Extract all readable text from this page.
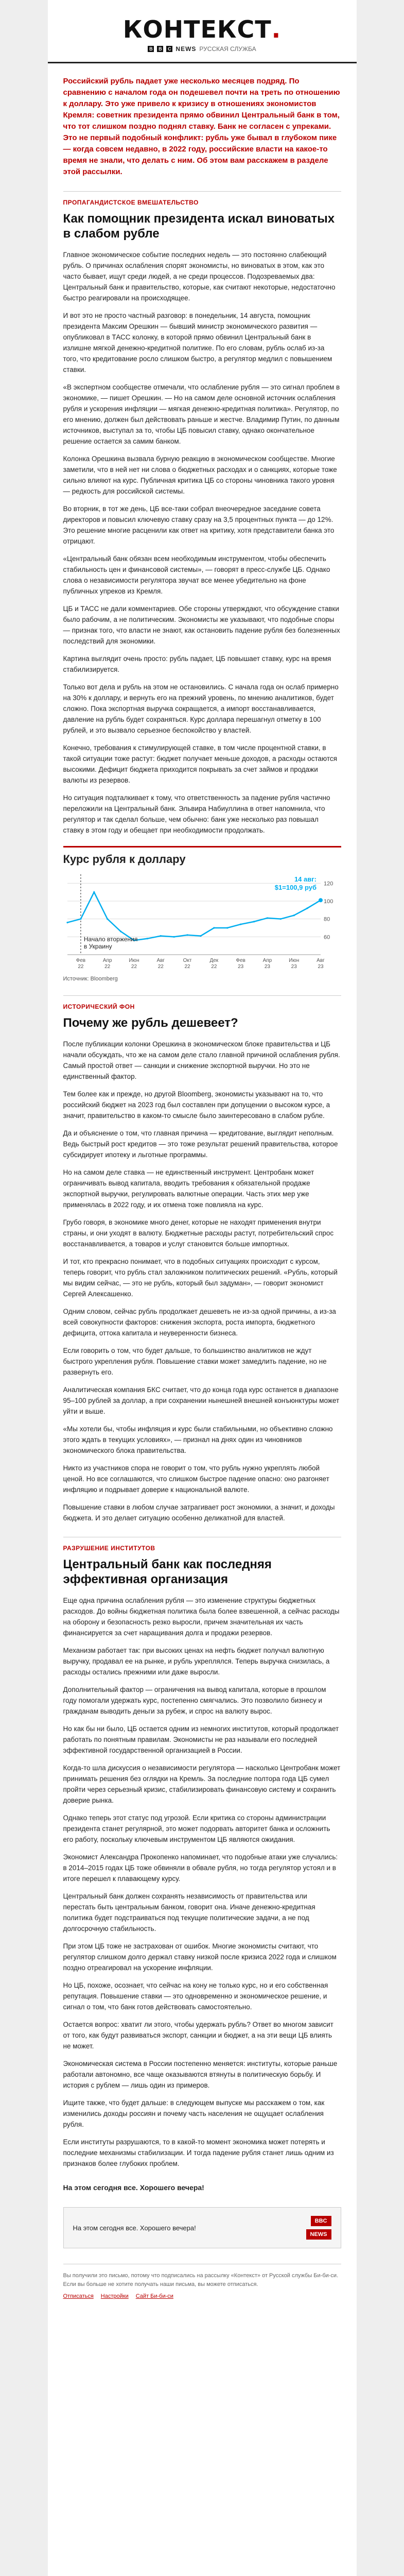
КОНТЕКСТ.
B	B	C NEWS РУССКАЯ СЛУЖБА

Российский рубль падает уже несколько месяцев подряд. По сравнению с началом года он подешевел почти на треть по отношению к доллару. Это уже привело к кризису в отношениях экономистов Кремля: советник президента прямо обвинил Центральный банк в том, что тот слишком поздно поднял ставку. Банк не согласен с упреками. Это не первый подобный конфликт: рубль уже бывал в глубоком пике — когда совсем недавно, в 2022 году, российские власти на какое-то время не знали, что делать с ним. Об этом вам расскажем в разделе этой рассылки.

ПРОПАГАНДИСТСКОЕ ВМЕШАТЕЛЬСТВО
Как помощник президента искал виноватых в слабом рубле

Главное экономическое событие последних недель — это постоянно слабеющий рубль. О причинах ослабления спорят экономисты, но виноватых в этом, как это часто бывает, ищут среди людей, а не среди процессов. Подозреваемых два: Центральный банк и правительство, которые, как считают некоторые, недостаточно быстро реагировали на происходящее.

И вот это не просто частный разговор: в понедельник, 14 августа, помощник президента Максим Орешкин — бывший министр экономического развития — опубликовал в ТАСС колонку, в которой прямо обвинил Центральный банк в излишне мягкой денежно-кредитной политике. По его словам, рубль ослаб из-за того, что кредитование росло слишком быстро, а регулятор медлил с повышением ставки.

«В экспертном сообществе отмечали, что ослабление рубля — это сигнал проблем в экономике, — пишет Орешкин. — Но на самом деле основной источник ослабления рубля и ускорения инфляции — мягкая денежно-кредитная политика». Регулятор, по его мнению, должен был действовать раньше и жестче. Владимир Путин, по данным источников, выступал за то, чтобы ЦБ повысил ставку, однако окончательное решение остается за самим банком.

Колонка Орешкина вызвала бурную реакцию в экономическом сообществе. Многие заметили, что в ней нет ни слова о бюджетных расходах и о санкциях, которые тоже сильно влияют на курс. Публичная критика ЦБ со стороны чиновника такого уровня — редкость для российской системы.

Во вторник, в тот же день, ЦБ все-таки собрал внеочередное заседание совета директоров и повысил ключевую ставку сразу на 3,5 процентных пункта — до 12%. Это решение многие расценили как ответ на критику, хотя представители банка это отрицают.

«Центральный банк обязан всем необходимым инструментом, чтобы обеспечить стабильность цен и финансовой системы», — говорят в пресс-службе ЦБ. Однако слова о независимости регулятора звучат все менее убедительно на фоне публичных упреков из Кремля.

ЦБ и ТАСС не дали комментариев. Обе стороны утверждают, что обсуждение ставки было рабочим, а не политическим. Экономисты же указывают, что подобные споры — признак того, что власти не знают, как остановить падение рубля без болезненных последствий для экономики.

Картина выглядит очень просто: рубль падает, ЦБ повышает ставку, курс на время стабилизируется.

Только вот дела и рубль на этом не остановились. С начала года он ослаб примерно на 30% к доллару, и вернуть его на прежний уровень, по мнению аналитиков, будет сложно. Пока экспортная выручка сокращается, а импорт восстанавливается, давление на рубль будет сохраняться. Курс доллара перешагнул отметку в 100 рублей, и это вызвало серьезное беспокойство у властей.

Конечно, требования к стимулирующей ставке, в том числе процентной ставки, в такой ситуации тоже растут: бюджет получает меньше доходов, а расходы остаются высокими. Дефицит бюджета приходится покрывать за счет займов и продажи валюты из резервов.

Но ситуация подталкивает к тому, что ответственность за падение рубля частично переложили на Центральный банк. Эльвира Набиуллина в ответ напомнила, что регулятор и так сделал больше, чем обычно: банк уже несколько раз повышал ставку в этом году и обещает при необходимости продолжать.

Курс рубля к доллару
60
80
100
120
Фев
22
Апр
22
Июн
22
Авг
22
Окт
22
Дек
22
Фев
23
Апр
23
Июн
23
Авг
23
14 авг:
$1=100,9 руб
Начало вторжения
в Украину
Источник: Bloomberg
ИСТОРИЧЕСКИЙ ФОН
Почему же рубль дешевеет?

После публикации колонки Орешкина в экономическом блоке правительства и ЦБ начали обсуждать, что же на самом деле стало главной причиной ослабления рубля. Самый простой ответ — санкции и снижение экспортной выручки. Но это не единственный фактор.

Тем более как и прежде, но другой Bloomberg, экономисты указывают на то, что российский бюджет на 2023 год был составлен при допущении о высоком курсе, а значит, правительство в каком-то смысле было заинтересовано в слабом рубле.

Да и объяснение о том, что главная причина — кредитование, выглядит неполным. Ведь быстрый рост кредитов — это тоже результат решений правительства, которое субсидирует ипотеку и льготные программы.

Но на самом деле ставка — не единственный инструмент. Центробанк может ограничивать вывод капитала, вводить требования к обязательной продаже экспортной выручки, регулировать валютные операции. Часть этих мер уже применялась в 2022 году, и их отмена тоже повлияла на курс.

Грубо говоря, в экономике много денег, которые не находят применения внутри страны, и они уходят в валюту. Бюджетные расходы растут, потребительский спрос восстанавливается, а товаров и услуг становится больше импортных.

И тот, кто прекрасно понимает, что в подобных ситуациях происходит с курсом, теперь говорит, что рубль стал заложником политических решений. «Рубль, который мы видим сейчас, — это не рубль, который был задуман», — говорит экономист Сергей Алексашенко.

Одним словом, сейчас рубль продолжает дешеветь не из-за одной причины, а из-за всей совокупности факторов: снижения экспорта, роста импорта, бюджетного дефицита, оттока капитала и неуверенности бизнеса.

Если говорить о том, что будет дальше, то большинство аналитиков не ждут быстрого укрепления рубля. Повышение ставки может замедлить падение, но не развернуть его.

Аналитическая компания БКС считает, что до конца года курс останется в диапазоне 95–100 рублей за доллар, а при сохранении нынешней внешней конъюнктуры может уйти и выше.

«Мы хотели бы, чтобы инфляция и курс были стабильными, но объективно сложно этого ждать в текущих условиях», — признал на днях один из чиновников экономического блока правительства.

Никто из участников спора не говорит о том, что рубль нужно укреплять любой ценой. Но все соглашаются, что слишком быстрое падение опасно: оно разгоняет инфляцию и подрывает доверие к национальной валюте.

Повышение ставки в любом случае затрагивает рост экономики, а значит, и доходы бюджета. И это делает ситуацию особенно деликатной для властей.

РАЗРУШЕНИЕ ИНСТИТУТОВ
Центральный банк как последняя эффективная организация

Еще одна причина ослабления рубля — это изменение структуры бюджетных расходов. До войны бюджетная политика была более взвешенной, а сейчас расходы на оборону и безопасность резко выросли, причем значительная их часть финансируется за счет наращивания долга и продажи резервов.

Механизм работает так: при высоких ценах на нефть бюджет получал валютную выручку, продавал ее на рынке, и рубль укреплялся. Теперь выручка снизилась, а расходы остались прежними или даже выросли.

Дополнительный фактор — ограничения на вывод капитала, которые в прошлом году помогали удержать курс, постепенно смягчались. Это позволило бизнесу и гражданам выводить деньги за рубеж, и спрос на валюту вырос.

Но как бы ни было, ЦБ остается одним из немногих институтов, который продолжает работать по понятным правилам. Экономисты не раз называли его последней эффективной государственной организацией в России.

Когда-то шла дискуссия о независимости регулятора — насколько Центробанк может принимать решения без оглядки на Кремль. За последние полтора года ЦБ сумел пройти через серьезный кризис, стабилизировать финансовую систему и сохранить доверие рынка.

Однако теперь этот статус под угрозой. Если критика со стороны администрации президента станет регулярной, это может подорвать авторитет банка и осложнить его работу, поскольку ключевым инструментом ЦБ являются ожидания.

Экономист Александра Прокопенко напоминает, что подобные атаки уже случались: в 2014–2015 годах ЦБ тоже обвиняли в обвале рубля, но тогда регулятор устоял и в итоге перешел к плавающему курсу.

Центральный банк должен сохранять независимость от правительства или перестать быть центральным банком, говорит она. Иначе денежно-кредитная политика будет подстраиваться под текущие политические задачи, а не под долгосрочную стабильность.

При этом ЦБ тоже не застрахован от ошибок. Многие экономисты считают, что регулятор слишком долго держал ставку низкой после кризиса 2022 года и слишком поздно отреагировал на ускорение инфляции.

Но ЦБ, похоже, осознает, что сейчас на кону не только курс, но и его собственная репутация. Повышение ставки — это одновременно и экономическое решение, и сигнал о том, что банк готов действовать самостоятельно.

Остается вопрос: хватит ли этого, чтобы удержать рубль? Ответ во многом зависит от того, как будут развиваться экспорт, санкции и бюджет, а на эти вещи ЦБ влиять не может.

Экономическая система в России постепенно меняется: институты, которые раньше работали автономно, все чаще оказываются втянуты в политическую борьбу. И история с рублем — лишь один из примеров.

Ищите также, что будет дальше: в следующем выпуске мы расскажем о том, как изменились доходы россиян и почему часть населения не ощущает ослабления рубля.

Если институты разрушаются, то в какой-то момент экономика может потерять и последние механизмы стабилизации. И тогда падение рубля станет лишь одним из признаков более глубоких проблем.

На этом сегодня все. Хорошего вечера!
На этом сегодня все. Хорошего вечера!
BBC
NEWS
Вы получили это письмо, потому что подписались на рассылку «Контекст» от Русской службы Би-би-си.
Если вы больше не хотите получать наши письма, вы можете отписаться.
Отписаться Настройки Сайт Би-би-си
